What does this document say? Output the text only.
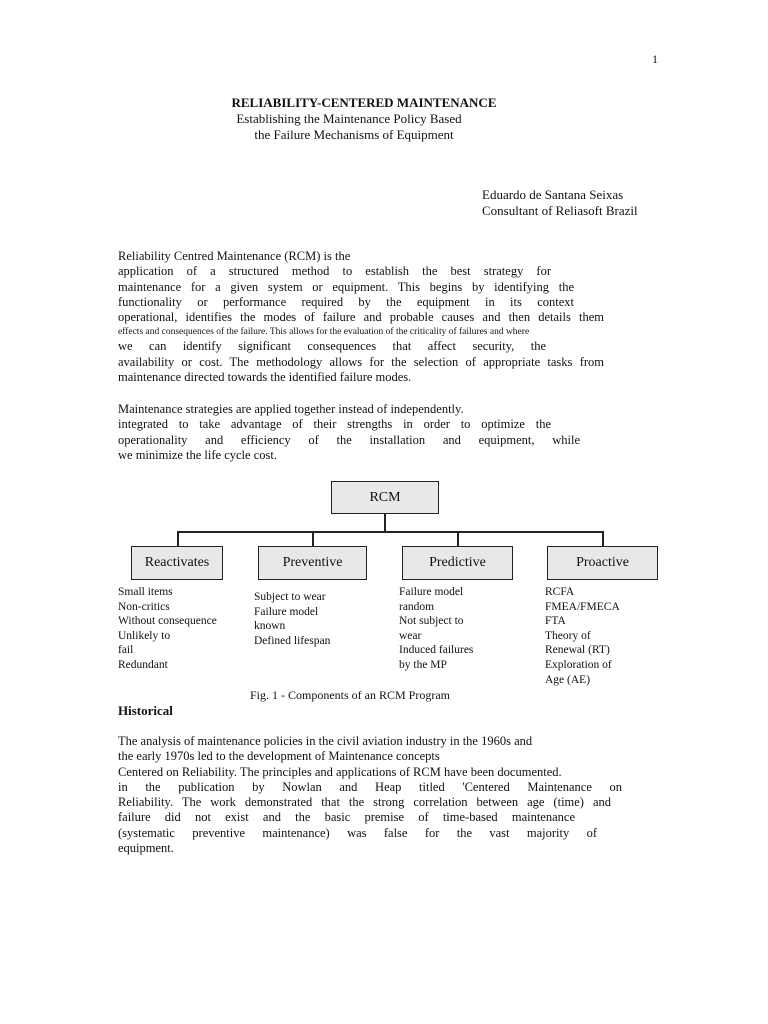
1
RELIABILITY-CENTERED MAINTENANCE
Establishing the Maintenance Policy Based
the Failure Mechanisms of Equipment
Eduardo de Santana Seixas
Consultant of Reliasoft Brazil
Reliability Centred Maintenance (RCM) is the
application of a structured method to establish the best strategy for
maintenance for a given system or equipment. This begins by identifying the
functionality or performance required by the equipment in its context
operational, identifies the modes of failure and probable causes and then details them
effects and consequences of the failure. This allows for the evaluation of the criticality of failures and where
we can identify significant consequences that affect security, the
availability or cost. The methodology allows for the selection of appropriate tasks from
maintenance directed towards the identified failure modes.
Maintenance strategies are applied together instead of independently.
integrated to take advantage of their strengths in order to optimize the
operationality and efficiency of the installation and equipment, while
we minimize the life cycle cost.
RCM
Reactivates	Preventive	Predictive	Proactive
Small items
Non-critics
Without consequence
Unlikely to
fail
Redundant
Subject to wear
Failure model
known
Defined lifespan
Failure model
random
Not subject to
wear
Induced failures
by the MP
RCFA
FMEA/FMECA
FTA
Theory of
Renewal (RT)
Exploration of
Age (AE)
Fig. 1 - Components of an RCM Program
Historical
The analysis of maintenance policies in the civil aviation industry in the 1960s and
the early 1970s led to the development of Maintenance concepts
Centered on Reliability. The principles and applications of RCM have been documented.
in the publication by Nowlan and Heap titled 'Centered Maintenance on
Reliability. The work demonstrated that the strong correlation between age (time) and
failure did not exist and the basic premise of time-based maintenance
(systematic preventive maintenance) was false for the vast majority of
equipment.
